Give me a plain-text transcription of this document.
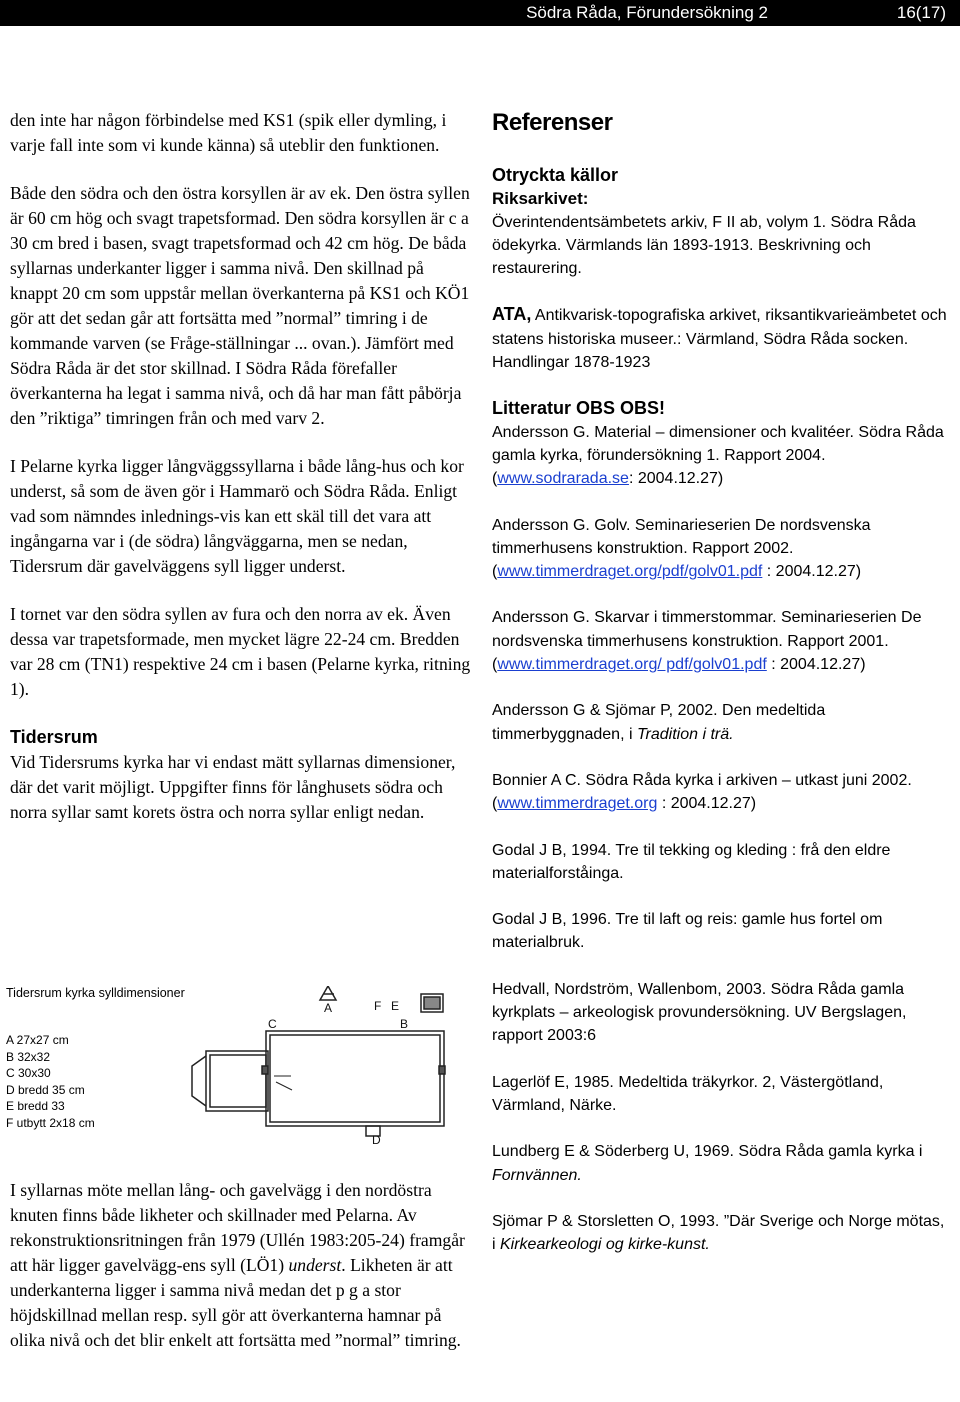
Södra Råda, Förundersökning 2	16(17)

den inte har någon förbindelse med KS1 (spik eller dymling, i varje fall inte som vi kunde känna) så uteblir den funktionen.

Både den södra och den östra korsyllen är av ek. Den östra syllen är 60 cm hög och svagt trapetsformad. Den södra korsyllen är c a 30 cm bred i basen, svagt trapetsformad och 42 cm hög. De båda syllarnas underkanter ligger i samma nivå. Den skillnad på knappt 20 cm som uppstår mellan överkanterna på KS1 och KÖ1 gör att det sedan går att fortsätta med ”normal” timring i de kommande varven (se Fråge-ställningar ... ovan.). Jämfört med Södra Råda är det stor skillnad. I Södra Råda förefaller överkanterna ha legat i samma nivå, och då har man fått påbörja den ”riktiga” timringen från och med varv 2.

I Pelarne kyrka ligger långväggssyllarna i både lång-hus och kor underst, så som de även gör i Hammarö och Södra Råda. Enligt vad som nämndes inlednings-vis kan ett skäl till det vara att ingångarna var i (de södra) långväggarna, men se nedan, Tidersrum där gavelväggens syll ligger underst.

I tornet var den södra syllen av fura och den norra av ek. Även dessa var trapetsformade, men mycket lägre 22-24 cm. Bredden var 28 cm (TN1) respektive 24 cm i basen (Pelarne kyrka, ritning 1).

Tidersrum

Vid Tidersrums kyrka har vi endast mätt syllarnas dimensioner, där det varit möjligt. Uppgifter finns för långhusets södra och norra syllar samt korets östra och norra syllar enligt nedan.

Tidersrum kyrka sylldimensioner
A 27x27 cm
B 32x32
C 30x30
D bredd 35 cm
E bredd 33
F utbytt 2x18 cm
A	F E
B
C
D

I syllarnas möte mellan lång- och gavelvägg i den nordöstra knuten finns både likheter och skillnader med Pelarna. Av rekonstruktionsritningen från 1979 (Ullén 1983:205-24) framgår att här ligger gavelvägg-ens syll (LÖ1) underst. Likheten är att underkanterna ligger i samma nivå medan det p g a stor höjdskillnad mellan resp. syll gör att överkanterna hamnar på olika nivå och det blir enkelt att fortsätta med ”normal” timring.

Referenser
Otryckta källor
Riksarkivet:

Överintendentsämbetets arkiv, F II ab, volym 1. Södra Råda ödekyrka. Värmlands län 1893-1913. Beskrivning och restaurering.

ATA, Antikvarisk-topografiska arkivet, riksantikvarieämbetet och statens historiska museer.: Värmland, Södra Råda socken. Handlingar 1878-1923

Litteratur OBS OBS!

Andersson G. Material – dimensioner och kvalitéer. Södra Råda gamla kyrka, förundersökning 1. Rapport 2004. (www.sodrarada.se: 2004.12.27)

Andersson G. Golv. Seminarieserien De nordsvenska timmerhusens konstruktion. Rapport 2002. (www.timmerdraget.org/pdf/golv01.pdf : 2004.12.27)

Andersson G. Skarvar i timmerstommar. Seminarieserien De nordsvenska timmerhusens konstruktion. Rapport 2001. (www.timmerdraget.org/ pdf/golv01.pdf : 2004.12.27)

Andersson G & Sjömar P, 2002. Den medeltida timmerbyggnaden, i Tradition i trä.

Bonnier A C. Södra Råda kyrka i arkiven – utkast juni 2002. (www.timmerdraget.org : 2004.12.27)

Godal J B, 1994. Tre til tekking og kleding : frå den eldre materialforståinga.

Godal J B, 1996. Tre til laft og reis: gamle hus fortel om materialbruk.

Hedvall, Nordström, Wallenbom, 2003. Södra Råda gamla kyrkplats – arkeologisk provundersökning. UV Bergslagen, rapport 2003:6

Lagerlöf E, 1985. Medeltida träkyrkor. 2, Västergötland, Värmland, Närke.

Lundberg E & Söderberg U, 1969. Södra Råda gamla kyrka i Fornvännen.

Sjömar P & Storsletten O, 1993. ”Där Sverige och Norge mötas, i Kirkearkeologi og kirke-kunst.
